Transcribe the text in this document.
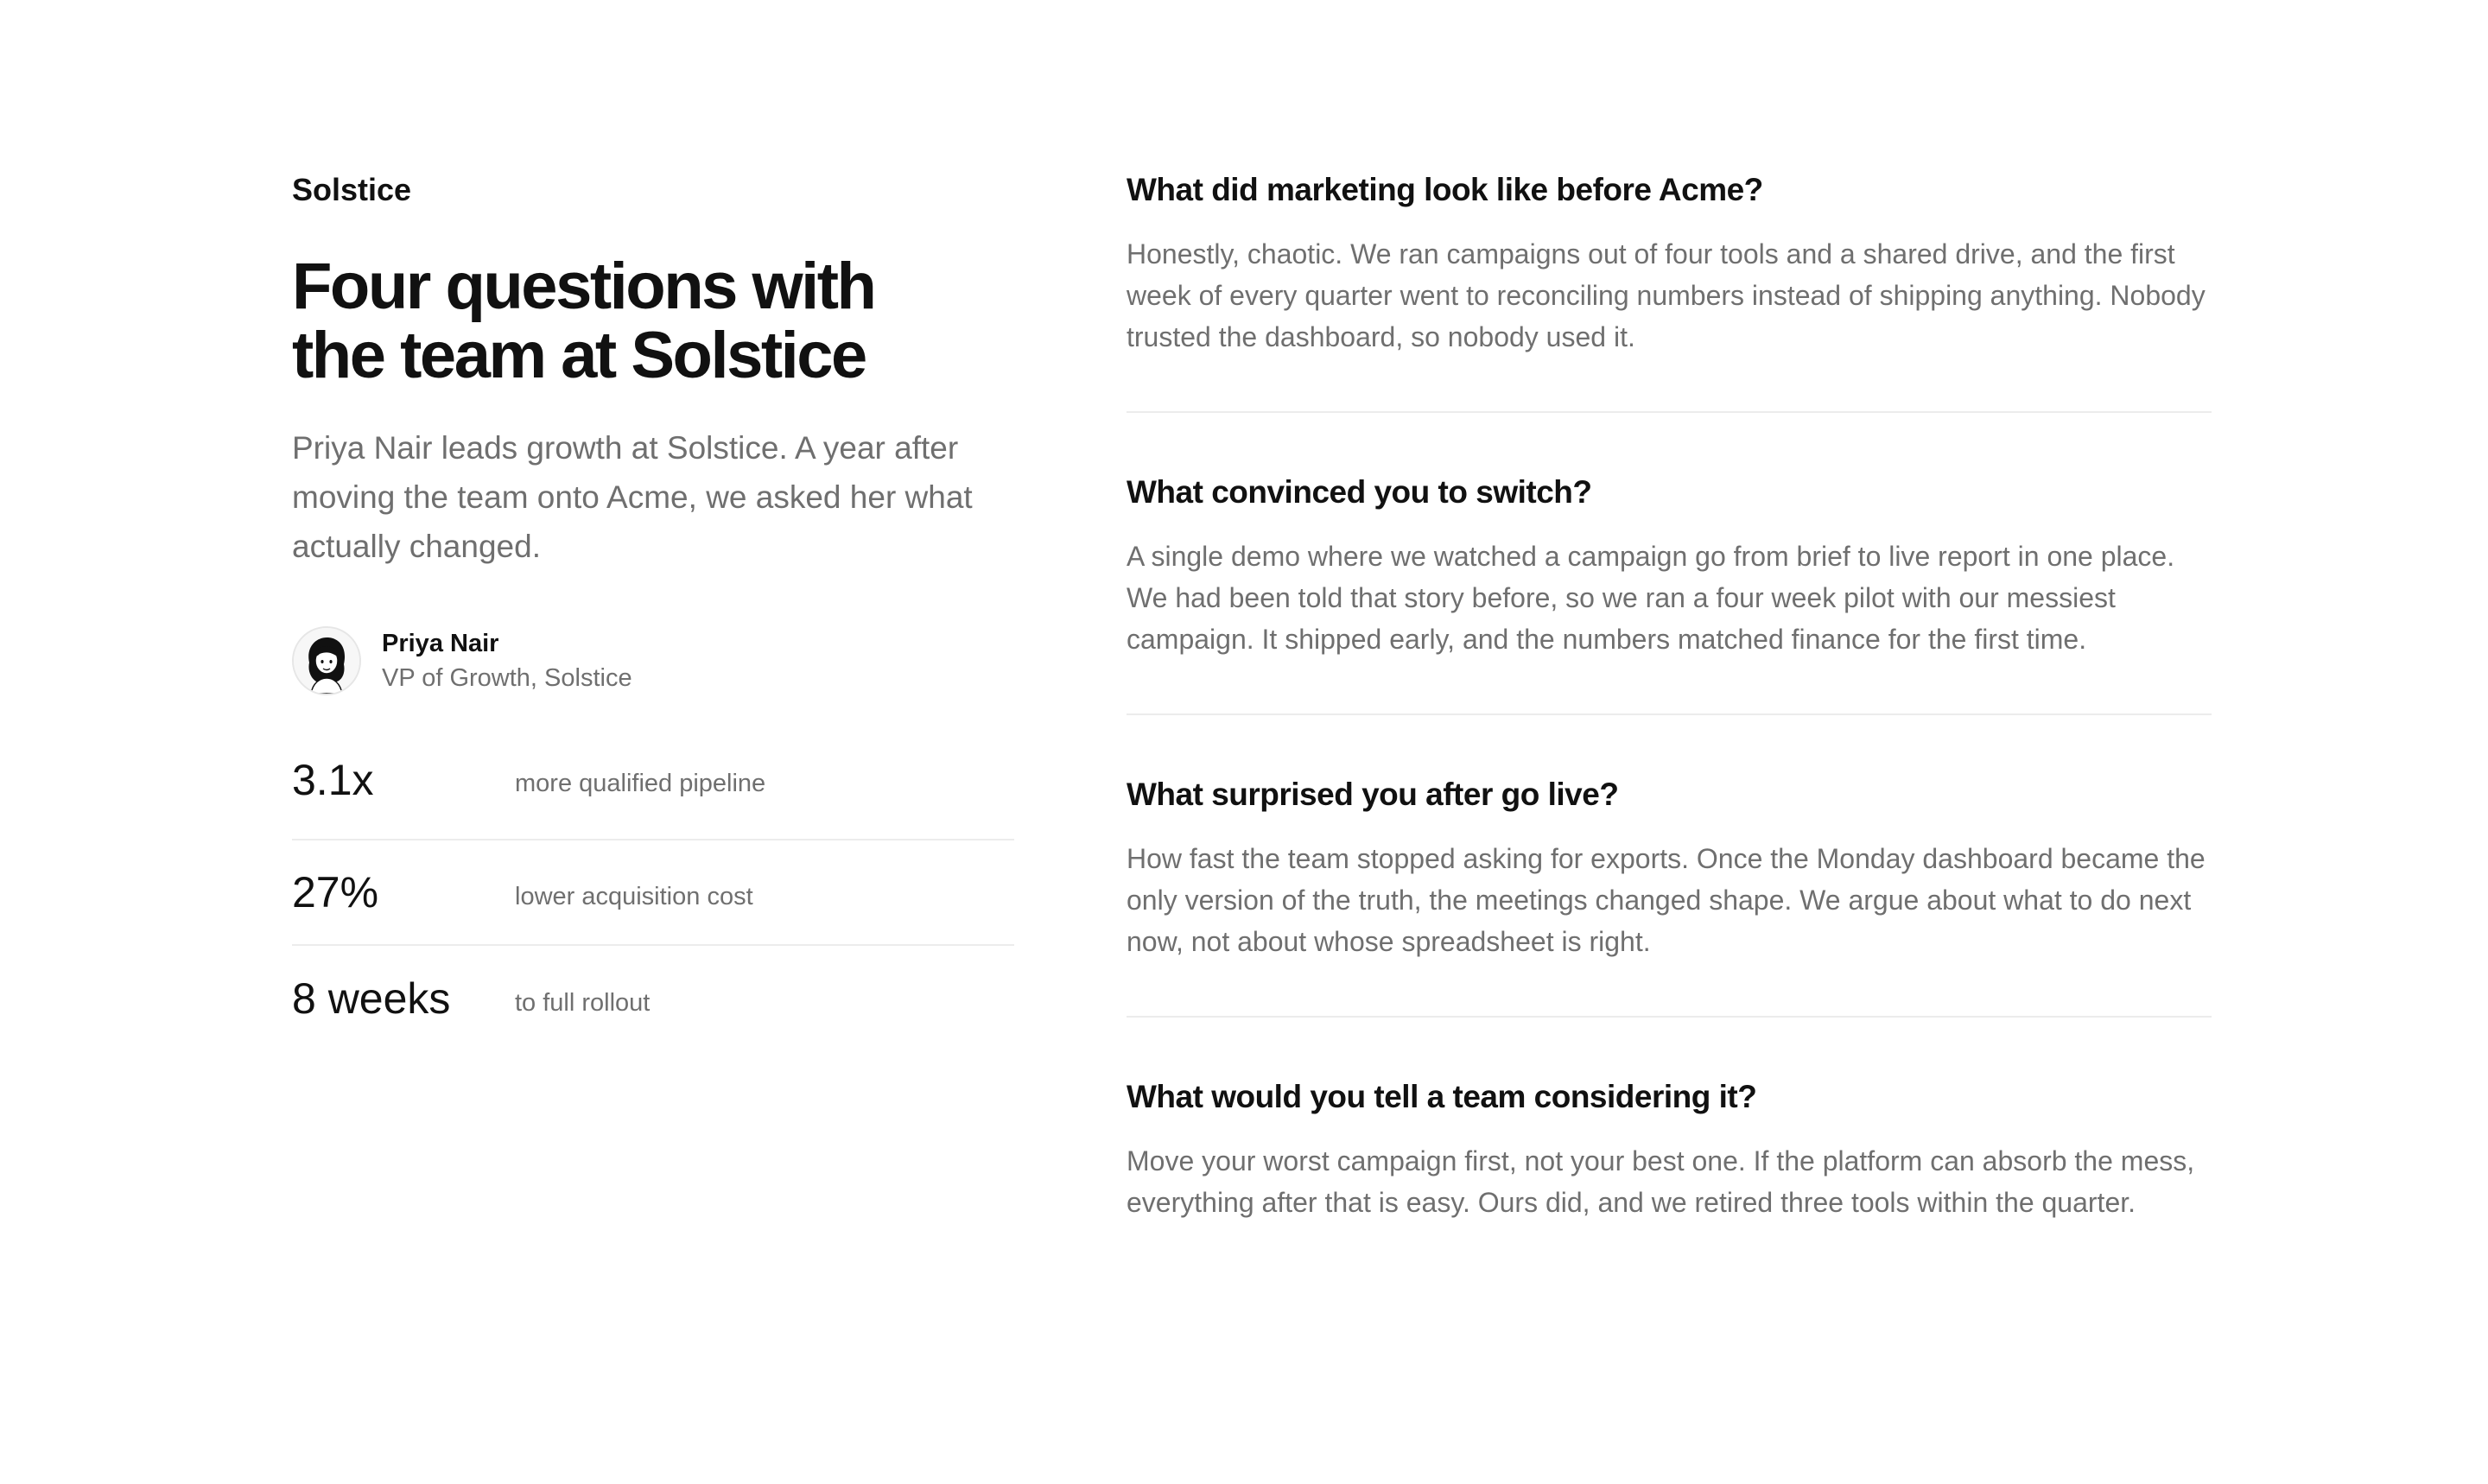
Solstice

Four questions with
the team at Solstice

Priya Nair leads growth at Solstice. A year after moving the team onto Acme, we asked her what actually changed.

Priya Nair
VP of Growth, Solstice
3.1x	more qualified pipeline
27%	lower acquisition cost
8 weeks	to full rollout
What did marketing look like before Acme?

Honestly, chaotic. We ran campaigns out of four tools and a shared drive, and the first week of every quarter went to reconciling numbers instead of shipping anything. Nobody trusted the dashboard, so nobody used it.

What convinced you to switch?

A single demo where we watched a campaign go from brief to live report in one place. We had been told that story before, so we ran a four week pilot with our messiest campaign. It shipped early, and the numbers matched finance for the first time.

What surprised you after go live?

How fast the team stopped asking for exports. Once the Monday dashboard became the only version of the truth, the meetings changed shape. We argue about what to do next now, not about whose spreadsheet is right.

What would you tell a team considering it?

Move your worst campaign first, not your best one. If the platform can absorb the mess, everything after that is easy. Ours did, and we retired three tools within the quarter.
